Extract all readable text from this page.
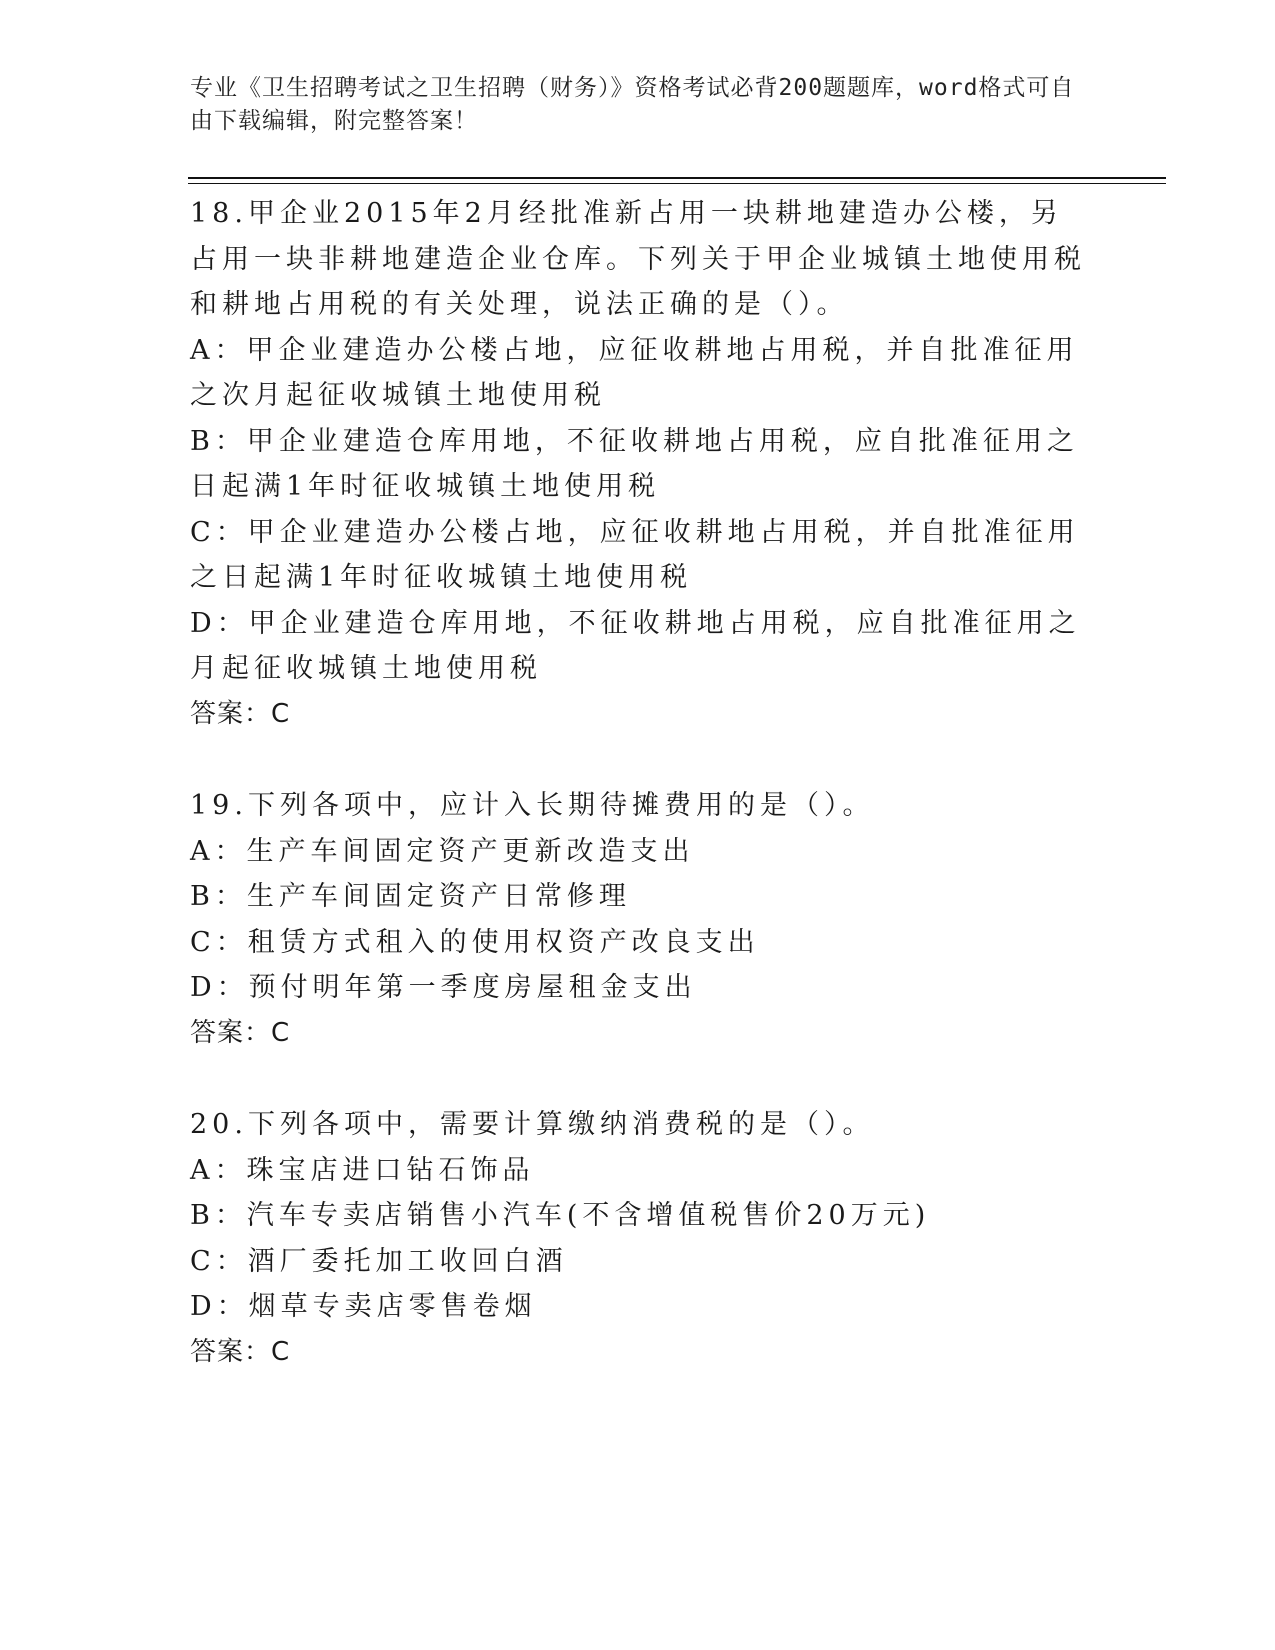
专业《卫生招聘考试之卫生招聘（财务）》资格考试必背200题题库，word格式可自由下载编辑，附完整答案！

18.甲企业2015年2月经批准新占用一块耕地建造办公楼，另占用一块非耕地建造企业仓库。下列关于甲企业城镇土地使用税和耕地占用税的有关处理，说法正确的是（）。

A：甲企业建造办公楼占地，应征收耕地占用税，并自批准征用之次月起征收城镇土地使用税

B：甲企业建造仓库用地，不征收耕地占用税，应自批准征用之日起满1年时征收城镇土地使用税

C：甲企业建造办公楼占地，应征收耕地占用税，并自批准征用之日起满1年时征收城镇土地使用税

D：甲企业建造仓库用地，不征收耕地占用税，应自批准征用之月起征收城镇土地使用税

答案：C

19.下列各项中，应计入长期待摊费用的是（）。

A：生产车间固定资产更新改造支出

B：生产车间固定资产日常修理

C：租赁方式租入的使用权资产改良支出

D：预付明年第一季度房屋租金支出

答案：C

20.下列各项中，需要计算缴纳消费税的是（）。

A：珠宝店进口钻石饰品

B：汽车专卖店销售小汽车(不含增值税售价20万元)

C：酒厂委托加工收回白酒

D：烟草专卖店零售卷烟

答案：C
